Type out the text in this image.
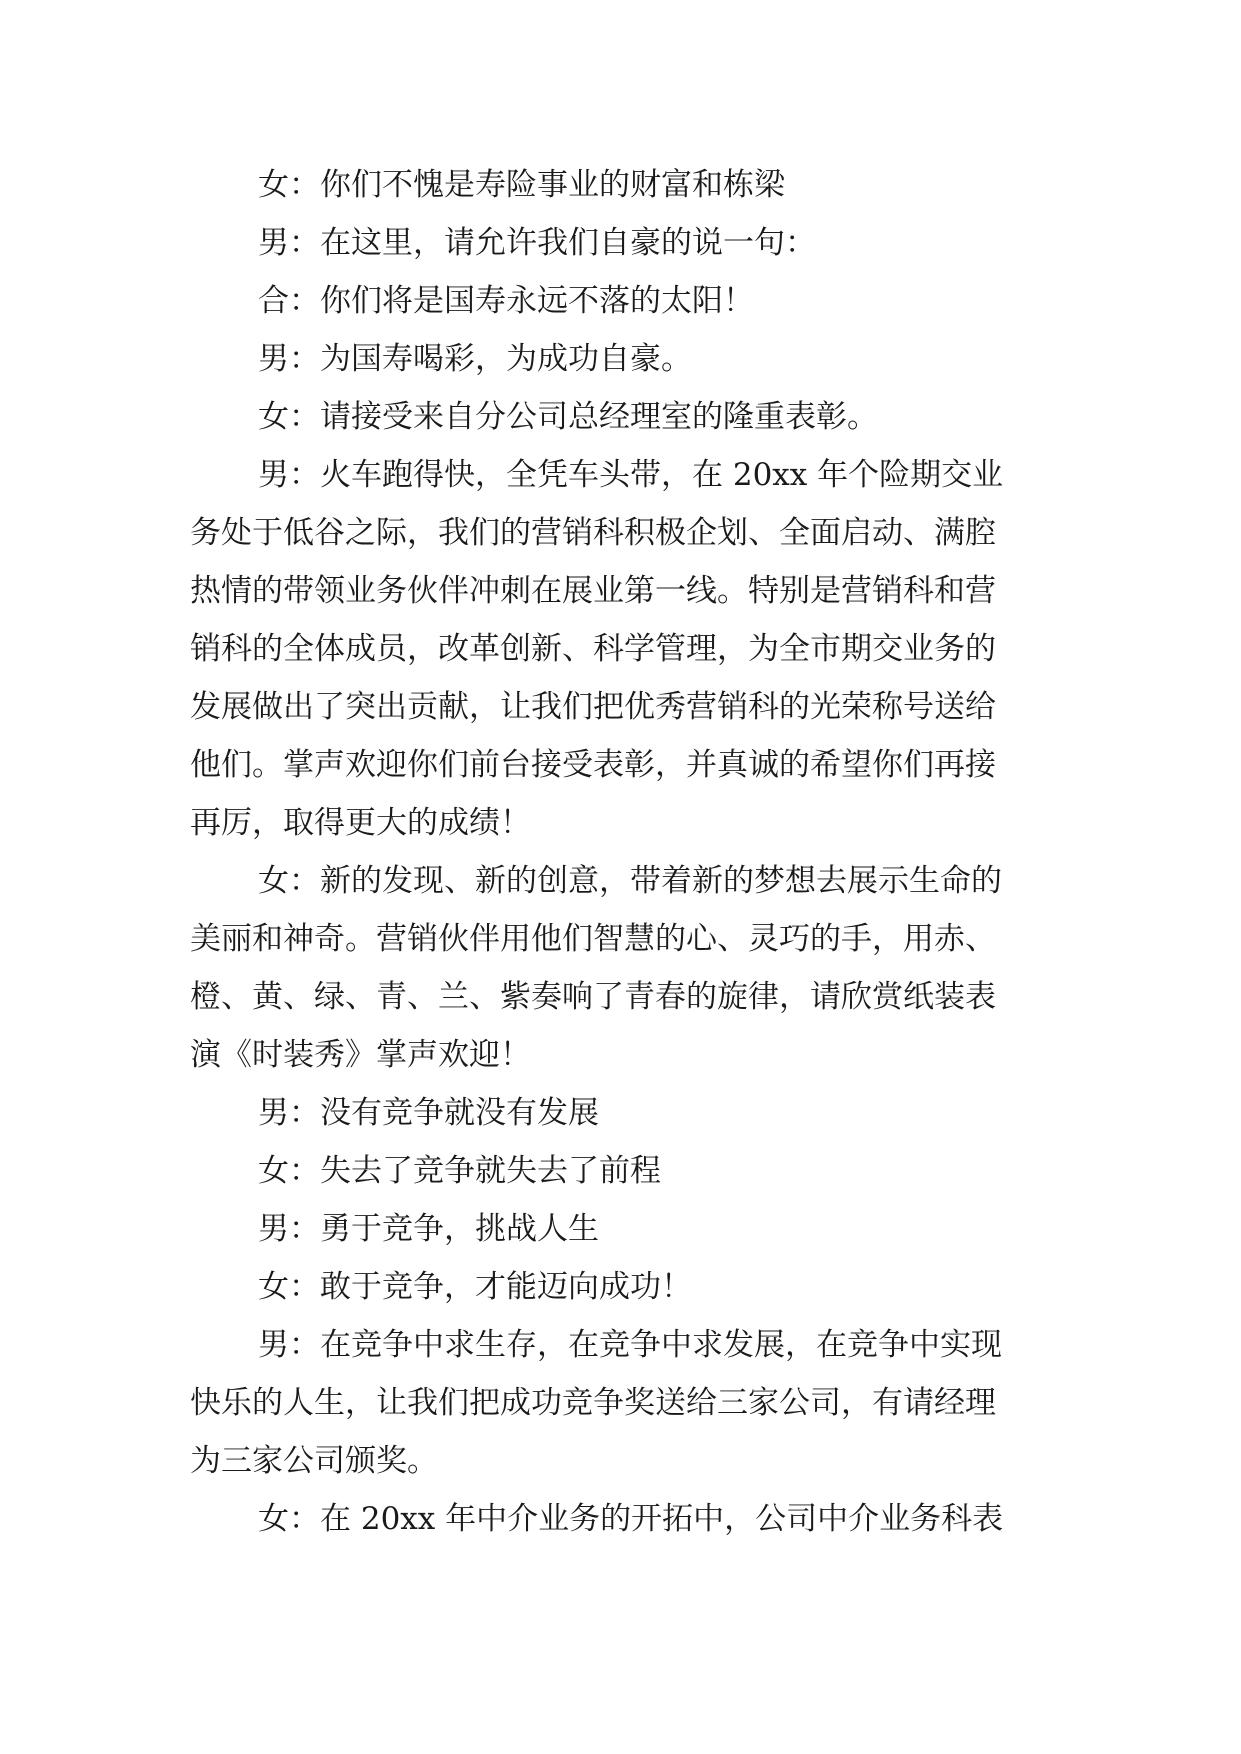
女：你们不愧是寿险事业的财富和栋梁
男：在这里，请允许我们自豪的说一句：
合：你们将是国寿永远不落的太阳！
男：为国寿喝彩，为成功自豪。
女：请接受来自分公司总经理室的隆重表彰。
男：火车跑得快，全凭车头带，在 20xx 年个险期交业
务处于低谷之际，我们的营销科积极企划、全面启动、满腔
热情的带领业务伙伴冲刺在展业第一线。特别是营销科和营
销科的全体成员，改革创新、科学管理，为全市期交业务的
发展做出了突出贡献，让我们把优秀营销科的光荣称号送给
他们。掌声欢迎你们前台接受表彰，并真诚的希望你们再接
再厉，取得更大的成绩！
女：新的发现、新的创意，带着新的梦想去展示生命的
美丽和神奇。营销伙伴用他们智慧的心、灵巧的手，用赤、
橙、黄、绿、青、兰、紫奏响了青春的旋律，请欣赏纸装表
演《时装秀》掌声欢迎！
男：没有竞争就没有发展
女：失去了竞争就失去了前程
男：勇于竞争，挑战人生
女：敢于竞争，才能迈向成功！
男：在竞争中求生存，在竞争中求发展，在竞争中实现
快乐的人生，让我们把成功竞争奖送给三家公司，有请经理
为三家公司颁奖。
女：在 20xx 年中介业务的开拓中，公司中介业务科表
